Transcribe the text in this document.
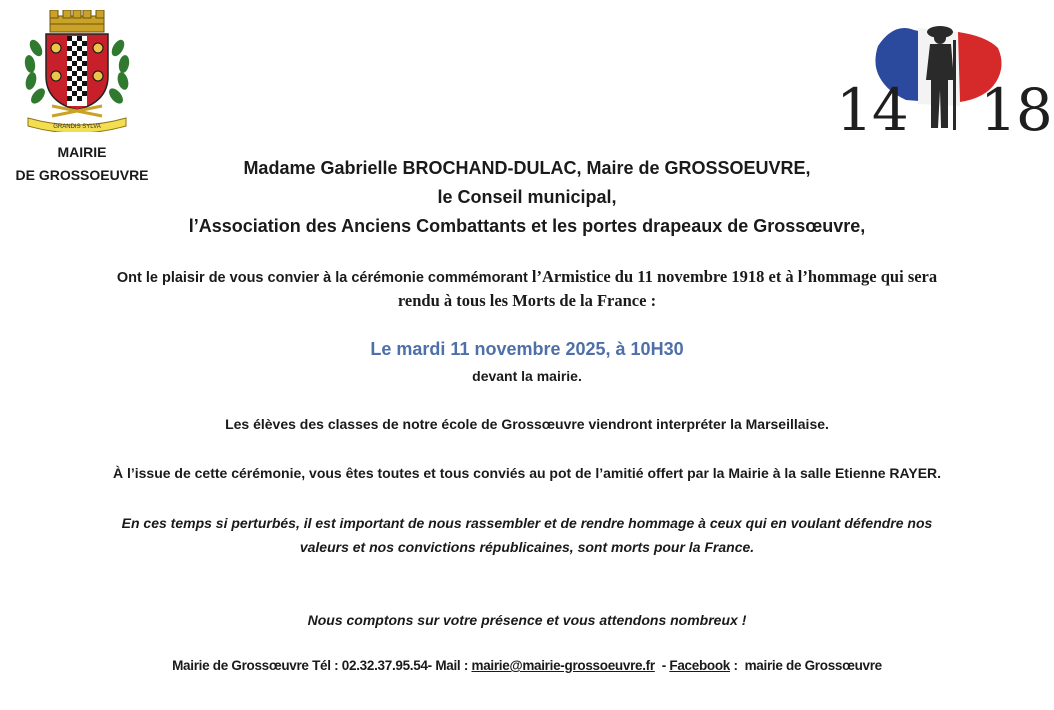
GRANDIS SYLVA
MAIRIE
DE GROSSOEUVRE
14 18
Madame Gabrielle BROCHAND-DULAC, Maire de GROSSOEUVRE,
le Conseil municipal,
l’Association des Anciens Combattants et les portes drapeaux de Grossœuvre,
Ont le plaisir de vous convier à la cérémonie commémorant l’Armistice du 11 novembre 1918 et à l’hommage qui sera
rendu à tous les Morts de la France :
Le mardi 11 novembre 2025, à 10H30
devant la mairie.
Les élèves des classes de notre école de Grossœuvre viendront interpréter la Marseillaise.
À l’issue de cette cérémonie, vous êtes toutes et tous conviés au pot de l’amitié offert par la Mairie à la salle Etienne RAYER.
En ces temps si perturbés, il est important de nous rassembler et de rendre hommage à ceux qui en voulant défendre nos
valeurs et nos convictions républicaines, sont morts pour la France.
Nous comptons sur votre présence et vous attendons nombreux !
Mairie de Grossœuvre Tél : 02.32.37.95.54- Mail : mairie@mairie-grossoeuvre.fr  - Facebook :  mairie de Grossœuvre
